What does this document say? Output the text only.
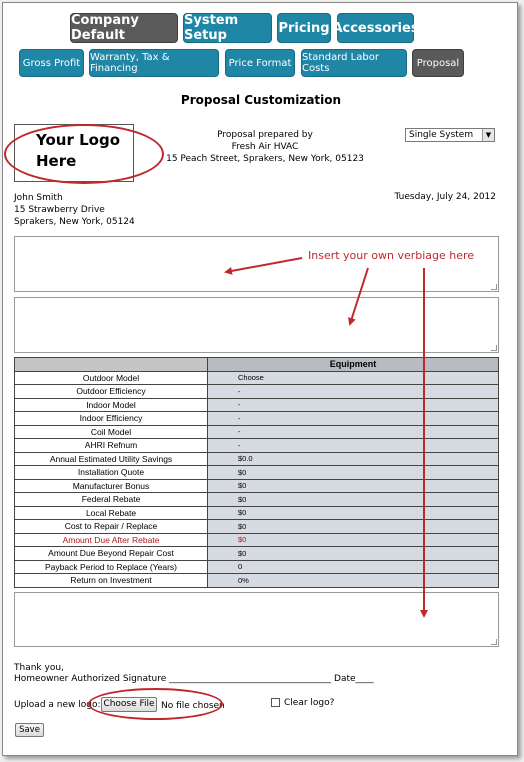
Company Default
System Setup	Pricing Accessories
Gross Profit Warranty, Tax & Financing	Price Format	Standard Labor Costs	Proposal
Proposal Customization
Your Logo
Here
Proposal prepared by
Fresh Air HVAC
15 Peach Street, Sprakers, New York, 05123
Single System	▼
John Smith
15 Strawberry Drive
Sprakers, New York, 05124
Tuesday, July 24, 2012
	Equipment
Outdoor Model	Choose
Outdoor Efficiency	-
Indoor Model	-
Indoor Efficiency	-
Coil Model	-
AHRI Refnum	-
Annual Estimated Utility Savings	$0.0
Installation Quote	$0
Manufacturer Bonus	$0
Federal Rebate	$0
Local Rebate	$0
Cost to Repair / Replace	$0
Amount Due After Rebate	$0
Amount Due Beyond Repair Cost	$0
Payback Period to Replace (Years)	0
Return on Investment	0%
Insert your own verbiage here
Thank you,
Homeowner Authorized Signature ____________________________________ Date____
Upload a new logo: Choose File No file chosen	Clear logo?
Save
